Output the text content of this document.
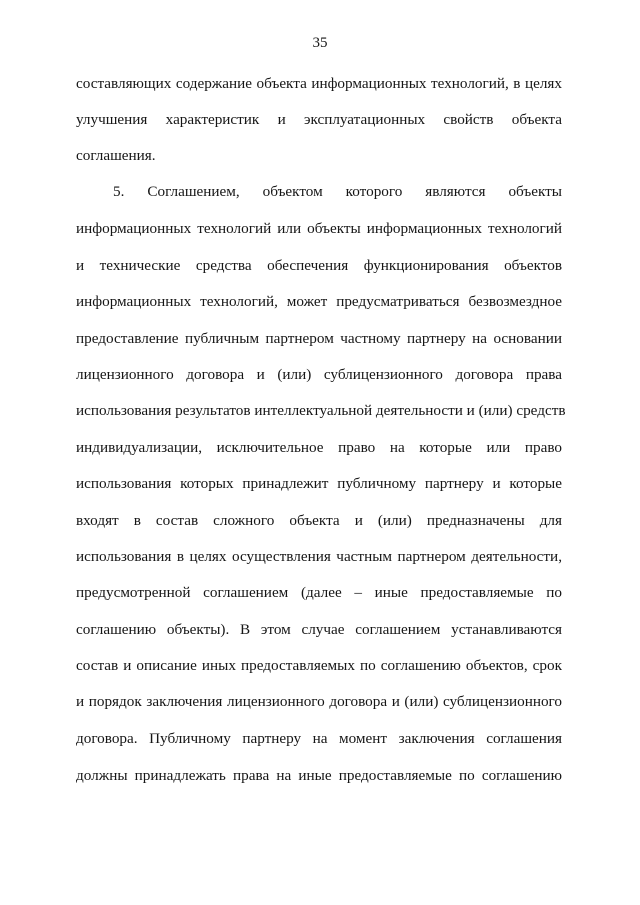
35
составляющих содержание объекта информационных технологий, в целях
улучшения характеристик и эксплуатационных свойств объекта
соглашения.
5. Соглашением, объектом которого являются объекты
информационных технологий или объекты информационных технологий
и технические средства обеспечения функционирования объектов
информационных технологий, может предусматриваться безвозмездное
предоставление публичным партнером частному партнеру на основании
лицензионного договора и (или) сублицензионного договора права
использования результатов интеллектуальной деятельности и (или) средств
индивидуализации, исключительное право на которые или право
использования которых принадлежит публичному партнеру и которые
входят в состав сложного объекта и (или) предназначены для
использования в целях осуществления частным партнером деятельности,
предусмотренной соглашением (далее – иные предоставляемые по
соглашению объекты). В этом случае соглашением устанавливаются
состав и описание иных предоставляемых по соглашению объектов, срок
и порядок заключения лицензионного договора и (или) сублицензионного
договора. Публичному партнеру на момент заключения соглашения
должны принадлежать права на иные предоставляемые по соглашению
